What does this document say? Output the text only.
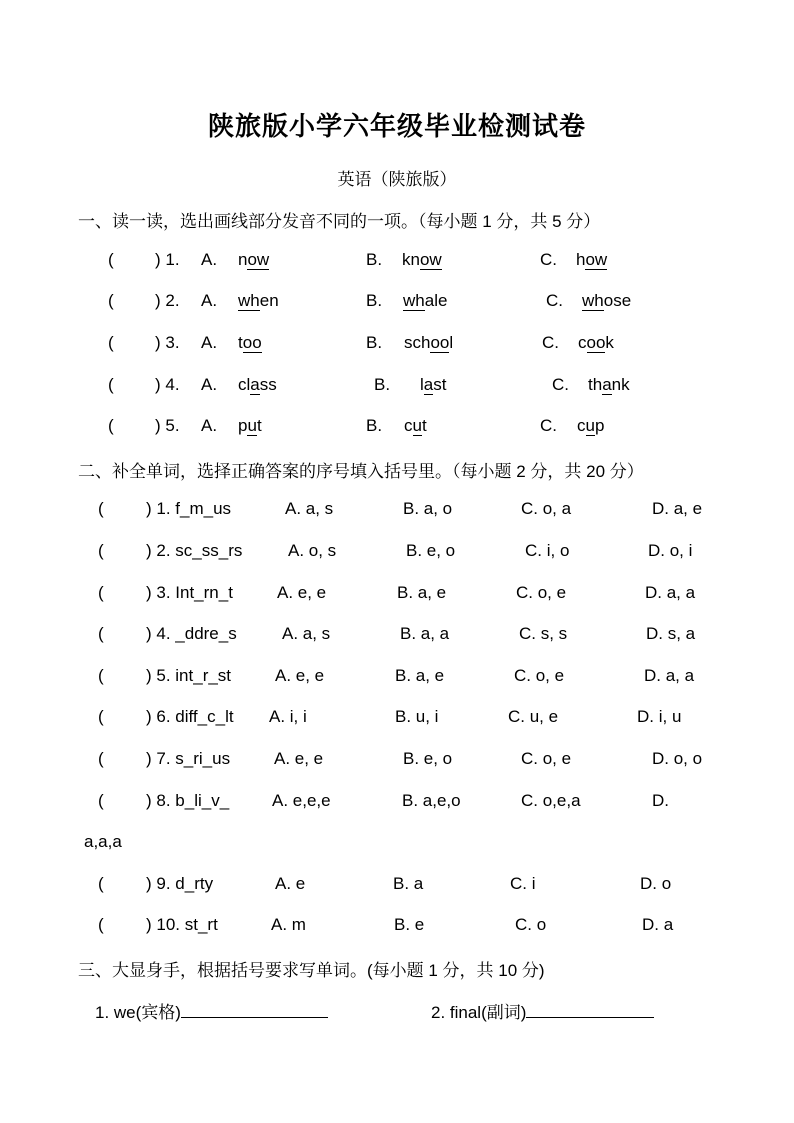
陕旅版小学六年级毕业检测试卷
英语（陕旅版）
一、读一读，选出画线部分发音不同的一项。（每小题 1 分，共 5 分）
( ) 1. A. now	B. know	C. how
( ) 2. A. when	B. whale	C. whose
( ) 3. A. too	B. school	C. cook
( ) 4. A. class	B. last	C. thank
( ) 5. A. put	B. cut	C. cup
二、补全单词，选择正确答案的序号填入括号里。（每小题 2 分，共 20 分）
( ) 1. f_m_us	A. a, s	B. a, o	C. o, a	D. a, e
( ) 2. sc_ss_rs	A. o, s	B. e, o	C. i, o	D. o, i
( ) 3. Int_rn_t	A. e, e	B. a, e	C. o, e	D. a, a
( ) 4. _ddre_s	A. a, s	B. a, a	C. s, s	D. s, a
( ) 5. int_r_st	A. e, e	B. a, e	C. o, e	D. a, a
( ) 6. diff_c_lt A. i, i	B. u, i	C. u, e	D. i, u
( ) 7. s_ri_us	A. e, e	B. e, o	C. o, e	D. o, o
( ) 8. b_li_v_	A. e,e,e	B. a,e,o	C. o,e,a	D.
a,a,a
( ) 9. d_rty	A. e	B. a	C. i	D. o
( ) 10. st_rt	A. m	B. e	C. o	D. a
三、大显身手，根据括号要求写单词。(每小题 1 分，共 10 分)
1. we(宾格)	2. final(副词)
